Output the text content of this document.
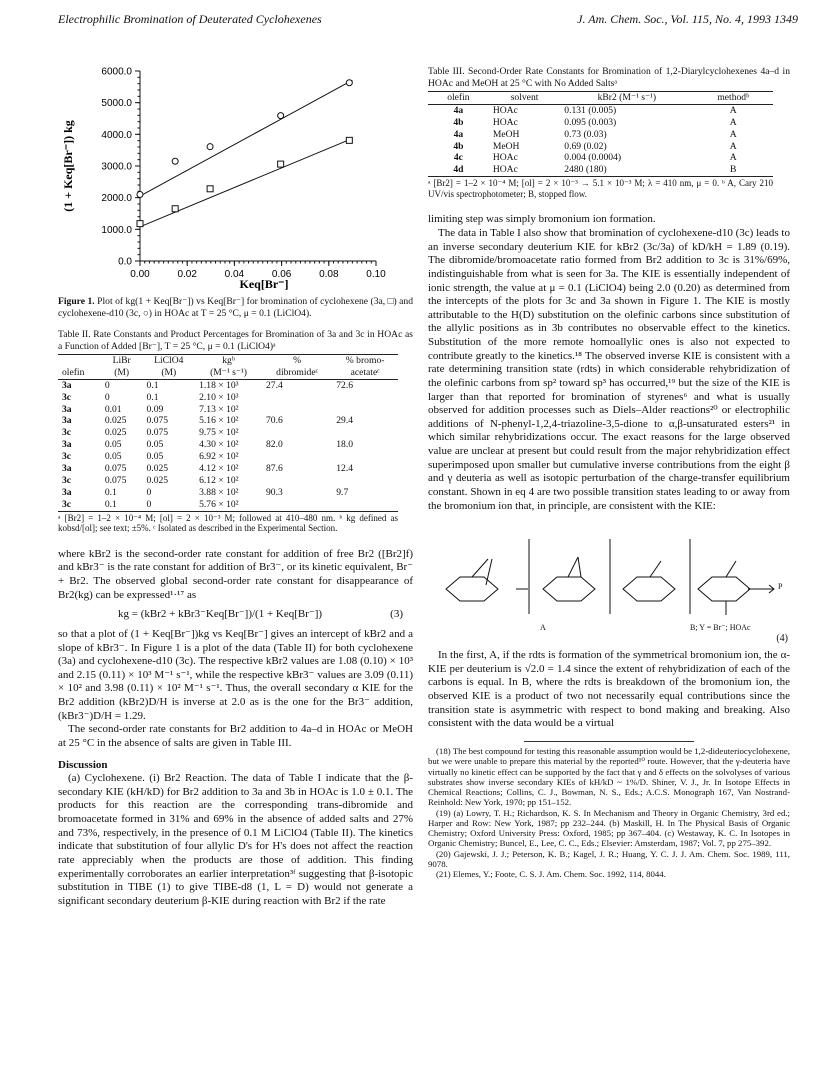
Electrophilic Bromination of Deuterated Cyclohexenes	J. Am. Chem. Soc., Vol. 115, No. 4, 1993 1349
0.00	0.02	0.04	0.06	0.08	0.10
0.0
1000.0
2000.0
3000.0
4000.0
5000.0
6000.0
Keq[Br⁻]
(1 + Keq[Br⁻]) kg
Figure 1. Plot of kg(1 + Keq[Br⁻]) vs Keq[Br⁻] for bromination of cyclohexene (3a, □) and cyclohexene-d10 (3c, ○) in HOAc at T = 25 °C, μ = 0.1 (LiClO4).
Table II. Rate Constants and Product Percentages for Bromination of 3a and 3c in HOAc as a Function of Added [Br⁻], T = 25 °C, μ = 0.1 (LiClO4)ᵃ
	LiBr	LiClO4	kgᵇ	%	% bromo-
olefin	(M)	(M)	(M⁻¹ s⁻¹)	dibromideᶜ	acetateᶜ
3a	0	0.1	1.18 × 10³	27.4	72.6
3c	0	0.1	2.10 × 10³		
3a	0.01	0.09	7.13 × 10²		
3a	0.025	0.075	5.16 × 10²	70.6	29.4
3c	0.025	0.075	9.75 × 10²		
3a	0.05	0.05	4.30 × 10²	82.0	18.0
3c	0.05	0.05	6.92 × 10²		
3a	0.075	0.025	4.12 × 10²	87.6	12.4
3c	0.075	0.025	6.12 × 10²		
3a	0.1	0	3.88 × 10²	90.3	9.7
3c	0.1	0	5.76 × 10²		
ᵃ [Br2] = 1–2 × 10⁻⁴ M; [ol] = 2 × 10⁻³ M; followed at 410–480 nm. ᵇ kg defined as kobsd/[ol]; see text; ±5%. ᶜ Isolated as described in the Experimental Section.

where kBr2 is the second-order rate constant for addition of free Br2 ([Br2]f) and kBr3⁻ is the rate constant for addition of Br3⁻, or its kinetic equivalent, Br⁻ + Br2. The observed global second-order rate constant for disappearance of Br2(kg) can be expressed¹·¹⁷ as

kg = (kBr2 + kBr3⁻Keq[Br⁻])/(1 + Keq[Br⁻])	(3)

so that a plot of (1 + Keq[Br⁻])kg vs Keq[Br⁻] gives an intercept of kBr2 and a slope of kBr3⁻. In Figure 1 is a plot of the data (Table II) for both cyclohexene (3a) and cyclohexene-d10 (3c). The respective kBr2 values are 1.08 (0.10) × 10³ and 2.15 (0.11) × 10³ M⁻¹ s⁻¹, while the respective kBr3⁻ values are 3.09 (0.11) × 10² and 3.98 (0.11) × 10² M⁻¹ s⁻¹. Thus, the overall secondary α KIE for the Br2 addition (kBr2)D/H is inverse at 2.0 as is the one for the Br3⁻ addition, (kBr3⁻)D/H = 1.29.

The second-order rate constants for Br2 addition to 4a–d in HOAc or MeOH at 25 °C in the absence of salts are given in Table III.

Discussion

(a) Cyclohexene. (i) Br2 Reaction. The data of Table I indicate that the β-secondary KIE (kH/kD) for Br2 addition to 3a and 3b in HOAc is 1.0 ± 0.1. The products for this reaction are the corresponding trans-dibromide and bromoacetate formed in 31% and 69% in the absence of added salts and 27% and 73%, respectively, in the presence of 0.1 M LiClO4 (Table II). The kinetics indicate that substitution of four allylic D's for H's does not affect the reaction rate appreciably when the products are those of addition. This finding experimentally corroborates an earlier interpretation³ᶠ suggesting that β-isotopic substitution in TIBE (1) to give TIBE-d8 (1, L = D) would not generate a significant secondary deuterium β-KIE during reaction with Br2 if the rate

Table III. Second-Order Rate Constants for Bromination of 1,2-Diarylcyclohexenes 4a–d in HOAc and MeOH at 25 °C with No Added Saltsᵃ
olefin	solvent	kBr2 (M⁻¹ s⁻¹)	methodᵇ
4a	HOAc	0.131 (0.005)	A
4b	HOAc	0.095 (0.003)	A
4a	MeOH	0.73 (0.03)	A
4b	MeOH	0.69 (0.02)	A
4c	HOAc	0.004 (0.0004)	A
4d	HOAc	2480 (180)	B
ᵃ [Br2] = 1–2 × 10⁻⁴ M; [ol] = 2 × 10⁻³ → 5.1 × 10⁻³ M; λ = 410 nm, μ = 0. ᵇ A, Cary 210 UV/vis spectrophotometer; B, stopped flow.

limiting step was simply bromonium ion formation.

The data in Table I also show that bromination of cyclohexene-d10 (3c) leads to an inverse secondary deuterium KIE for kBr2 (3c/3a) of kD/kH = 1.89 (0.19). The dibromide/bromoacetate ratio formed from Br2 addition to 3c is 31%/69%, indistinguishable from what is seen for 3a. The KIE is essentially independent of ionic strength, the value at μ = 0.1 (LiClO4) being 2.0 (0.20) as determined from the intercepts of the plots for 3c and 3a shown in Figure 1. The KIE is mostly attributable to the H(D) substitution on the olefinic carbons since substitution of the allylic positions as in 3b contributes no observable effect to the kinetics. Substitution of the more remote homoallylic ones is also not expected to contribute greatly to the kinetics.¹⁸ The observed inverse KIE is consistent with a rate determining transition state (rdts) in which considerable rehybridization of the olefinic carbons from sp² toward sp³ has occurred,¹⁹ but the size of the KIE is larger than that reported for bromination of styrenes⁶ and what is usually observed for addition processes such as Diels–Alder reactions²⁰ or electrophilic additions of N-phenyl-1,2,4-triazoline-3,5-dione to α,β-unsaturated esters²¹ in which similar rehybridizations occur. The exact reasons for the large observed value are unclear at present but could result from the major rehybridization effect superimposed upon smaller but cumulative inverse contributions from the eight β and γ deuteria as well as isotopic perturbation of the charge-transfer equilibrium constant. Shown in eq 4 are two possible transition states leading to or away from the bromonium ion that, in principle, are consistent with the KIE:

A	B; Y = Br⁻; HOAc
P
(4)

In the first, A, if the rdts is formation of the symmetrical bromonium ion, the α-KIE per deuterium is √2.0 = 1.4 since the extent of rehybridization of each of the carbons is equal. In B, where the rdts is breakdown of the bromonium ion, the observed KIE is a product of two not necessarily equal contributions since the transition state is asymmetric with respect to bond making and breaking. Also consistent with the data would be a virtual

(18) The best compound for testing this reasonable assumption would be 1,2-dideuteriocyclohexene, but we were unable to prepare this material by the reported¹⁰ route. However, that the γ-deuteria have virtually no kinetic effect can be supported by the fact that γ and δ effects on the solvolyses of various substrates show inverse secondary KIEs of kH/kD ~ 1%/D. Shiner, V. J., Jr. In Isotope Effects in Chemical Reactions; Collins, C. J., Bowman, N. S., Eds.; A.C.S. Monograph 167, Van Nostrand-Reinhold: New York, 1970; pp 151–152.
(19) (a) Lowry, T. H.; Richardson, K. S. In Mechanism and Theory in Organic Chemistry, 3rd ed.; Harper and Row: New York, 1987; pp 232–244. (b) Maskill, H. In The Physical Basis of Organic Chemistry; Oxford University Press: Oxford, 1985; pp 367–404. (c) Westaway, K. C. In Isotopes in Organic Chemistry; Buncel, E., Lee, C. C., Eds.; Elsevier: Amsterdam, 1987; Vol. 7, pp 275–392.
(20) Gajewski, J. J.; Peterson, K. B.; Kagel, J. R.; Huang, Y. C. J. J. Am. Chem. Soc. 1989, 111, 9078.
(21) Elemes, Y.; Foote, C. S. J. Am. Chem. Soc. 1992, 114, 8044.
